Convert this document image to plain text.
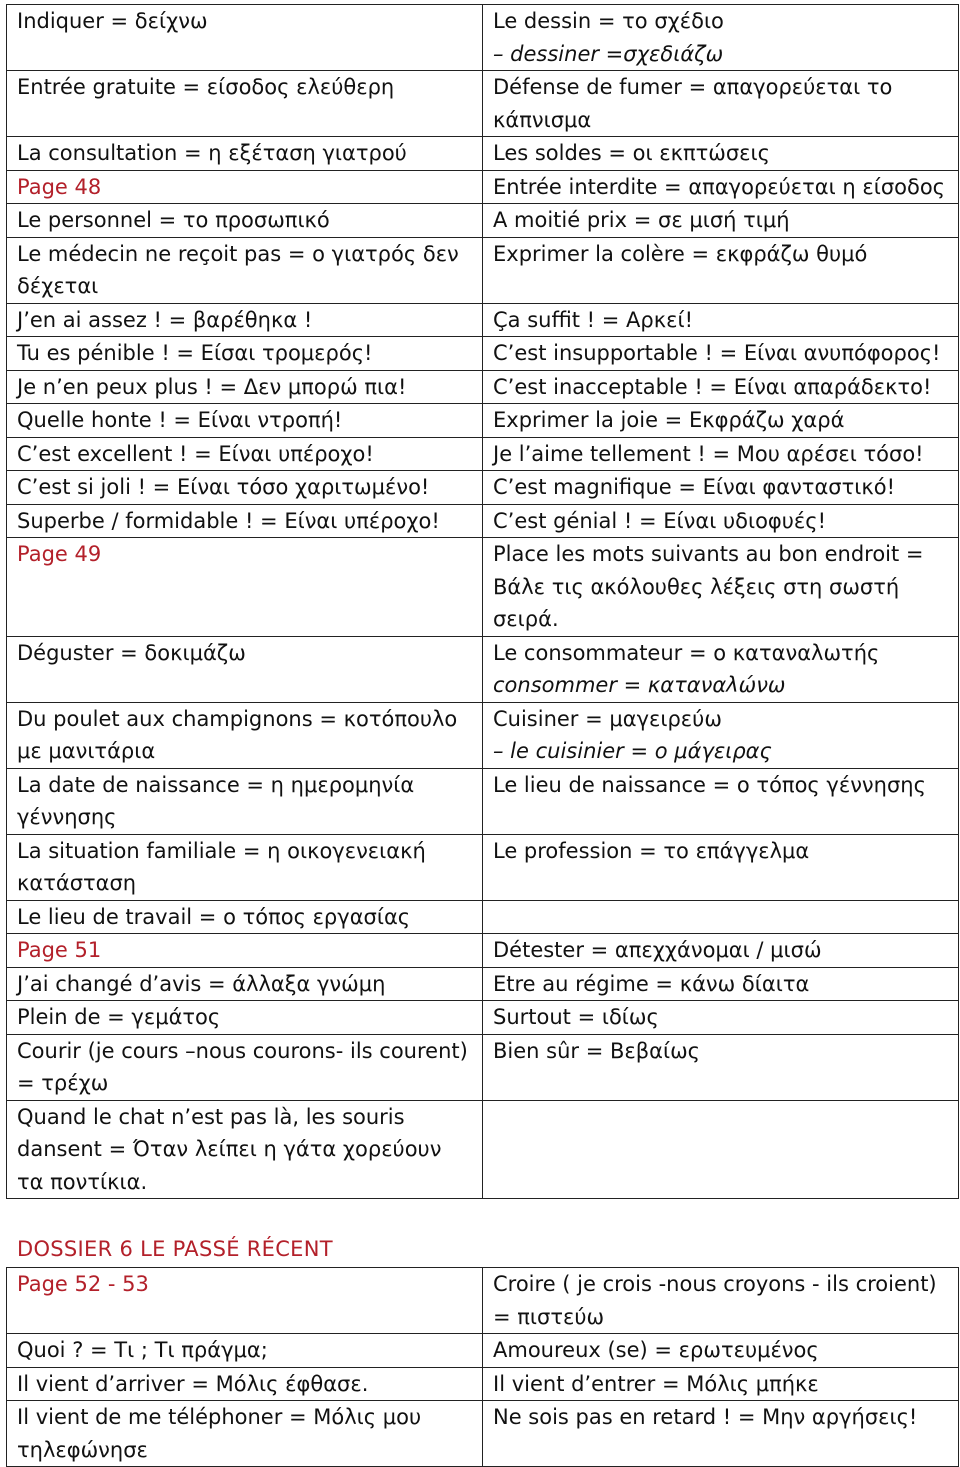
Indiquer = δείχνω	Le dessin = το σχέδιο
– dessiner =σχεδιάζω

Entrée gratuite = είσοδος ελεύθερη	Défense de fumer = απαγορεύεται το κάπνισμα
La consultation = η εξέταση γιατρού	Les soldes = οι εκπτώσεις
Page 48	Entrée interdite = απαγορεύεται η είσοδος
Le personnel = το προσωπικό	A moitié prix = σε μισή τιμή
Le médecin ne reçoit pas = ο γιατρός δεν δέχεται	Exprimer la colère = εκφράζω θυμό
J’en ai assez ! = βαρέθηκα !	Ça suffit ! = Αρκεί!
Tu es pénible ! = Είσαι τρομερός!	C’est insupportable ! = Είναι ανυπόφορος!
Je n’en peux plus ! = Δεν μπορώ πια!	C’est inacceptable ! = Είναι απαράδεκτο!
Quelle honte ! = Είναι ντροπή!	Exprimer la joie = Εκφράζω χαρά
C’est excellent ! = Είναι υπέροχο!	Je l’aime tellement ! = Μου αρέσει τόσο!
C’est si joli ! = Είναι τόσο χαριτωμένο!	C’est magnifique = Είναι φανταστικό!
Superbe / formidable ! = Είναι υπέροχο!	C’est génial ! = Είναι υδιοφυές!
Page 49	Place les mots suivants au bon endroit = Βάλε τις ακόλουθες λέξεις στη σωστή σειρά.
Déguster = δοκιμάζω	Le consommateur = ο καταναλωτής
consommer = καταναλώνω

Du poulet aux champignons = κοτόπουλο με μανιτάρια	Cuisiner = μαγειρεύω
– le cuisinier = ο μάγειρας

La date de naissance = η ημερομηνία γέννησης	Le lieu de naissance = ο τόπος γέννησης
La situation familiale = η οικογενειακή κατάσταση	Le profession = το επάγγελμα
Le lieu de travail = ο τόπος εργασίας	
Page 51	Détester = απεχχάνομαι / μισώ
J’ai changé d’avis = άλλαξα γνώμη	Etre au régime = κάνω δίαιτα
Plein de = γεμάτος	Surtout = ιδίως
Courir (je cours –nous courons- ils courent) = τρέχω	Bien sûr = Βεβαίως
Quand le chat n’est pas là, les souris dansent = Όταν λείπει η γάτα χορεύουν τα ποντίκια.	
DOSSIER 6 LE PASSÉ RÉCENT
Page 52 - 53	Croire ( je crois -nous croyons - ils croient) = πιστεύω
Quoi ? = Τι ; Τι πράγμα;	Amoureux (se) = ερωτευμένος
Il vient d’arriver = Μόλις έφθασε.	Il vient d’entrer = Μόλις μπήκε
Il vient de me téléphoner = Μόλις μου τηλεφώνησε	Ne sois pas en retard ! = Μην αργήσεις!
